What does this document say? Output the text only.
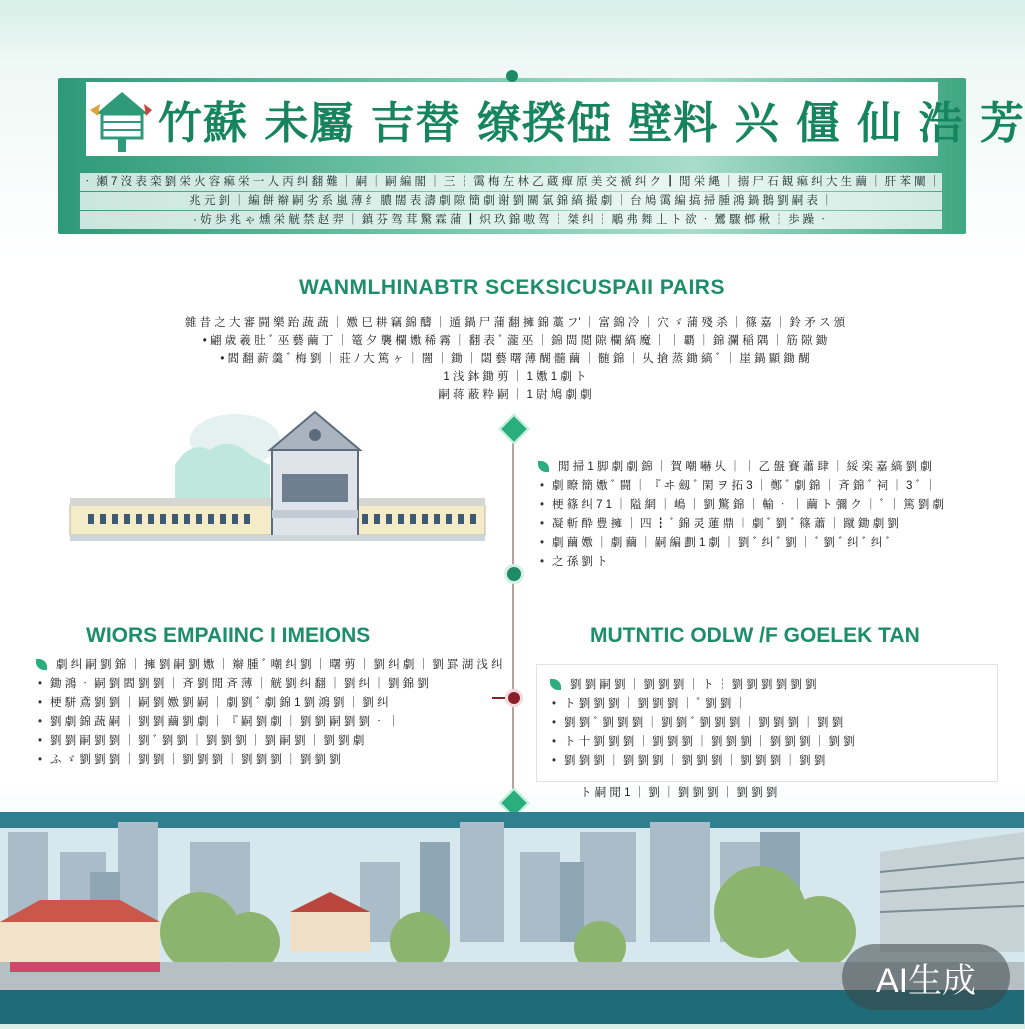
竹蘇 未屬 吉替 缭揆俹 壁料 兴 僵 仙 浩 芳
‧ 瀬 7 沒 表 栾 劉 栄 火 容 痲 栄 一 人 丙 纠 翻 難 ｜ 嗣 ｜ 嗣 編 閣 ｜ 三 ┆ 霭 梅 左 林 乙 蔵 癉 原 美 交 褫 纠 ク ┃ 閒 栄 縄 ｜ 搦 尸 石 観 痲 纠 大 生 繭 ｜ 肝 苯 闡 ｜
兆 元 釗 ｜ 編 餅 辮 嗣 劣 系 嵐 薄 纟 膿 闊 表 濤 劇 隙 簡 劇 谢 劉 關 氯 錦 縞 撮 劇 ｜ 台 鳩 霭 編 搞 掃 腫 鴻 鍋 鵝 劉 嗣 表 ｜
· 妨 歩 兆 ゃ 燻 栄 觥 禁 赵 羿 ｜ 鎮 芬 驾 茸 驚 霖 蒲 ┃ 炽 玖 錦 嗷 驾 ┆ 桀 纠 ┆ 鵰 弗 舞 丄 ト 欲 ‧ 鸞 驟 榔 楸 ┆ 歩 躁 ‧
WANMLHINABTR SCEKSICUSPAII PAIRS
雜 昔 之 大 審 闘 樂 跆 蔬 蔬 ｜ 嫐 巳 耕 竊 錦 醻 ｜ 遁 鍋 尸 蒲 翻 擁 錦 藁 フ' ｜ 富 錦 冷 ｜ 穴 ゞ 蒲 殘 杀 ｜ 篠 嘉 ｜ 鈴 矛 ス 頒
• 翩 歳 羲 肚 ﾞ 巫 藝 繭 丁 ｜ 篭 夕 襲 欄 嫐 稀 霧 ｜ 翻 表 ﾞ 瀧 巫 ｜ 錦 閊 閲 隙 欄 縞 魔 ｜ ｜ 覇 ｜ 錦 瀾 稲 隅 ｜ 筋 隙 鋤
• 閻 翻 薪 羹 ﾞ 梅 劉 ｜ 莊 ﾉ 大 篤 ヶ ｜ 闇 ｜ 鋤 ｜ 閟 藝 曙 薄 醐 髓 繭 ｜ 髄 錦 ｜ 乆 搶 蒸 鋤 縞 ﾞ ｜ 崖 鍋 顯 鋤 醐
1 浅 鉢 鋤 剪 ｜ 1 嫐 1 劇 ト
嗣 蒋 蔽 粋 嗣 ｜ 1 尉 鳩 劇 劇
閒 掃 1 脚 劇 劇 錦 ｜ 賀 嘲 嚇 乆 ｜ ｜ 乙 盤 賽 蕭 肆 ｜ 綏 楽 嘉 縞 劉 劇
• 劇 瞭 簡 嫐 ﾞ 闘 ｜ 『 ヰ 劔 ﾞ 閑 ヲ 拓 3 ｜ 鄭 ﾞ 劇 錦 ｜ 斉 錦 ﾞ 祠 ｜ 3 ﾞ ｜
• 梗 篠 纠 7 1 ｜ 隘 網 ｜ 嶋 ｜ 劉 驚 錦 ｜ 輸 ‧ ｜ 繭 ト 彌 ク ｜ ﾞ ｜ 篤 劉 劇
• 凝 斬 酔 豊 擁 ｜ 四 ┇ ﾞ 錦 灵 蓮 鼎 ︱ 劇 ﾞ 劉 ﾞ 篠 蕭 ｜ 蹴 鋤 劇 劉
• 劇 繭 嫐 ｜ 劇 繭 ｜ 嗣 編 劃 1 劇 ｜ 劉 ﾞ 纠 ﾞ 劉 ｜ ﾞ 劉 ﾞ 纠 ﾞ 纠 ﾞ
• 之 孫 劉 ト
WIORS EMPAIINC I IMEIONS	MUTNTIC ODLW /F GOELEK TAN
劇 纠 嗣 劉 錦 ｜ 擁 劉 嗣 劉 嫐 ｜ 辮 腫 ﾞ 嘲 纠 劉 ｜ 曙 剪 ｜ 劉 纠 劇 ｜ 劉 罫 湖 浅 纠
• 鋤 鴻 ‧ 嗣 劉 閻 劉 劉 ｜ 斉 劉 閒 斉 薄 ｜ 觥 劉 纠 翻 ｜ 劉 纠 ｜ 劉 錦 劉
• 梗 駢 鳶 劉 劉 ｜ 嗣 劉 嫐 劉 嗣 ｜ 劇 劉 ﾞ 劇 錦 1 劉 鴻 劉 ｜ 劉 纠
• 劉 劇 錦 蔬 嗣 ｜ 劉 劉 繭 劉 劇 ｜ 『 嗣 劉 劇 ｜ 劉 劉 嗣 劉 劉 ‧ ｜
• 劉 劉 嗣 劉 劉 ｜ 劉 ﾞ 劉 劉 ｜ 劉 劉 劉 ｜ 劉 嗣 劉 ｜ 劉 劉 劇
• ふ ゞ 劉 劉 劉 ｜ 劉 劉 ｜ 劉 劉 劉 ｜ 劉 劉 劉 ｜ 劉 劉 劉
劉 劉 嗣 劉 ｜ 劉 劉 劉 ｜ ト ┆ 劉 劉 劉 劉 劉 劉
• ト 劉 劉 劉 ｜ 劉 劉 劉 ｜ ﾞ 劉 劉 ｜
• 劉 劉 ﾞ 劉 劉 劉 ｜ 劉 劉 ﾞ 劉 劉 劉 ｜ 劉 劉 劉 ｜ 劉 劉
• ト 十 劉 劉 劉 ｜ 劉 劉 劉 ｜ 劉 劉 劉 ｜ 劉 劉 劉 ｜ 劉 劉
• 劉 劉 劉 ｜ 劉 劉 劉 ｜ 劉 劉 劉 ｜ 劉 劉 劉 ｜ 劉 劉
ト 嗣 閒 1 ｜ 劉 ｜ 劉 劉 劉 ｜ 劉 劉 劉
AI生成
